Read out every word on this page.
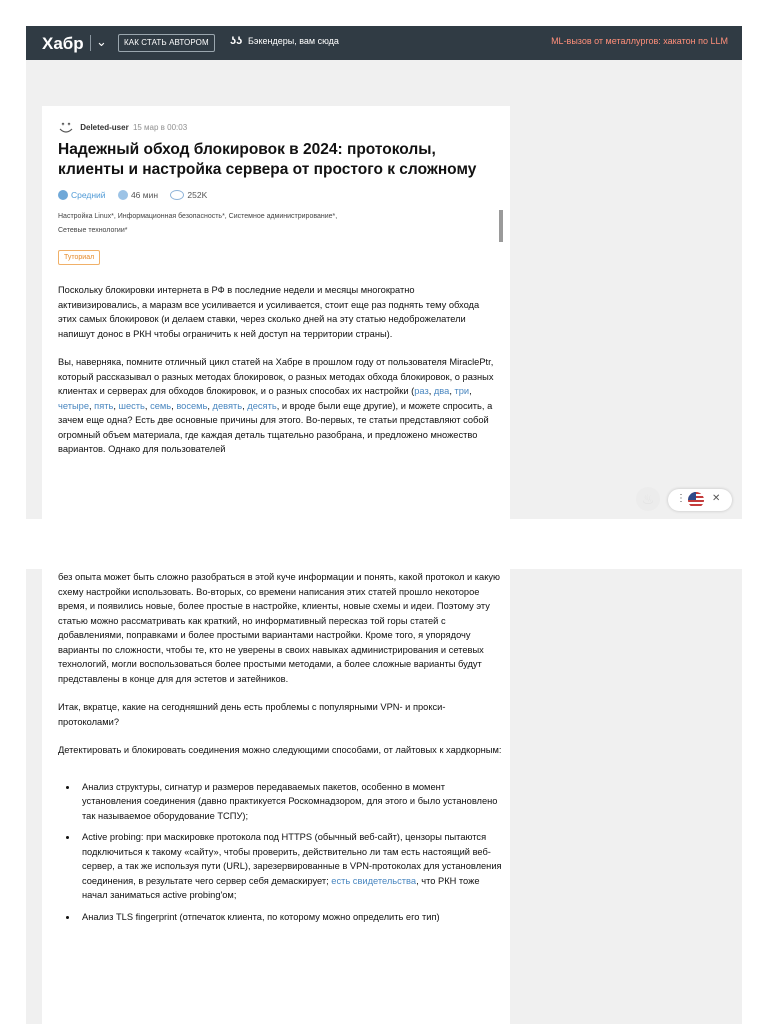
Хабр ⌄	КАК СТАТЬ АВТОРОМ	ʖʖ Бэкендеры, вам сюда	ML-вызов от металлургов: хакатон по LLM
Deleted-user 15 мар в 00:03
Надежный обход блокировок в 2024: протоколы, клиенты и настройка сервера от простого к сложному
Средний	46 мин	252K
Настройка Linux*, Информационная безопасность*, Системное администрирование*,
Сетевые технологии*
Туториал

Поскольку блокировки интернета в РФ в последние недели и месяцы многократно активизировались, а маразм все усиливается и усиливается, стоит еще раз поднять тему обхода этих самых блокировок (и делаем ставки, через сколько дней на эту статью недоброжелатели напишут донос в РКН чтобы ограничить к ней доступ на территории страны).

Вы, наверняка, помните отличный цикл статей на Хабре в прошлом году от пользователя MiraclePtr, который рассказывал о разных методах блокировок, о разных методах обхода блокировок, о разных клиентах и серверах для обходов блокировок, и о разных способах их настройки (раз, два, три, четыре, пять, шесть, семь, восемь, девять, десять, и вроде были еще другие), и можете спросить, а зачем еще одна? Есть две основные причины для этого. Во-первых, те статьи представляют собой огромный объем материала, где каждая деталь тщательно разобрана, и предложено множество вариантов. Однако для пользователей

♨	⋮	✕

без опыта может быть сложно разобраться в этой куче информации и понять, какой протокол и какую схему настройки использовать. Во-вторых, со времени написания этих статей прошло некоторое время, и появились новые, более простые в настройке, клиенты, новые схемы и идеи. Поэтому эту статью можно рассматривать как краткий, но информативный пересказ той горы статей с добавлениями, поправками и более простыми вариантами настройки. Кроме того, я упорядочу варианты по сложности, чтобы те, кто не уверены в своих навыках администрирования и сетевых технологий, могли воспользоваться более простыми методами, а более сложные варианты будут представлены в конце для для эстетов и затейников.

Итак, вкратце, какие на сегодняшний день есть проблемы с популярными VPN- и прокси-протоколами?

Детектировать и блокировать соединения можно следующими способами, от лайтовых к хардкорным:

• Анализ структуры, сигнатур и размеров передаваемых пакетов, особенно в момент установления соединения (давно практикуется Роскомнадзором, для этого и было установлено так называемое оборудование ТСПУ);
• Active probing: при маскировке протокола под HTTPS (обычный веб-сайт), цензоры пытаются подключиться к такому «сайту», чтобы проверить, действительно ли там есть настоящий веб-сервер, а так же используя пути (URL), зарезервированные в VPN-протоколах для установления соединения, в результате чего сервер себя демаскирует; есть свидетельства, что РКН тоже начал заниматься active probing'ом;
• Анализ TLS fingerprint (отпечаток клиента, по которому можно определить его тип)
